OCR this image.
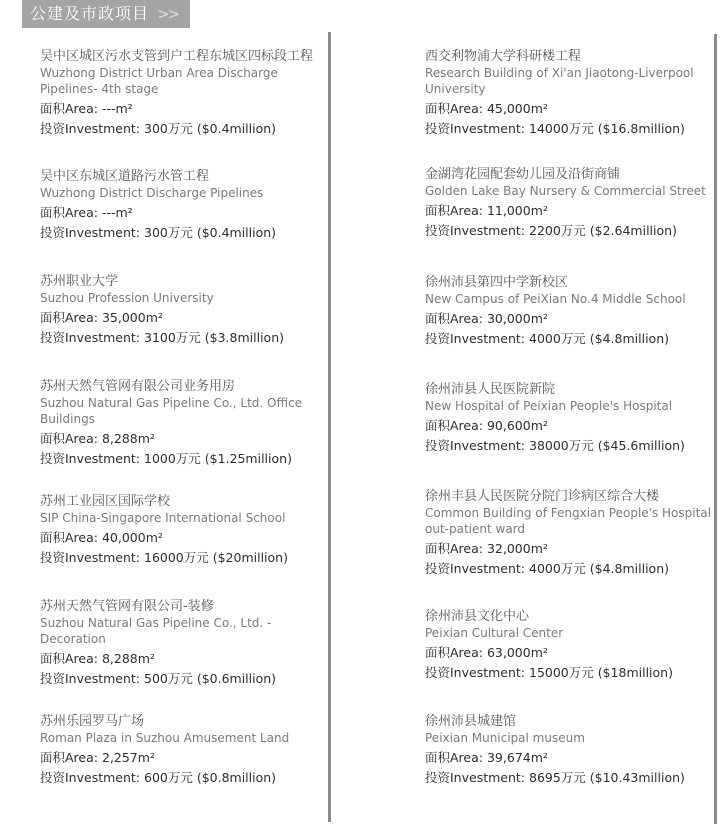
公建及市政项目 >>
吴中区城区污水支管到户工程东城区四标段工程
Wuzhong District Urban Area Discharge Pipelines- 4th stage
面积Area: ---m²
投资Investment: 300万元 ($0.4million)
吴中区东城区道路污水管工程
Wuzhong District Discharge Pipelines
面积Area: ---m²
投资Investment: 300万元 ($0.4million)
苏州职业大学
Suzhou Profession University
面积Area: 35,000m²
投资Investment: 3100万元 ($3.8million)
苏州天然气管网有限公司业务用房
Suzhou Natural Gas Pipeline Co., Ltd. Office Buildings
面积Area: 8,288m²
投资Investment: 1000万元 ($1.25million)
苏州工业园区国际学校
SIP China-Singapore International School
面积Area: 40,000m²
投资Investment: 16000万元 ($20million)
苏州天然气管网有限公司-装修
Suzhou Natural Gas Pipeline Co., Ltd. - Decoration
面积Area: 8,288m²
投资Investment: 500万元 ($0.6million)
苏州乐园罗马广场
Roman Plaza in Suzhou Amusement Land
面积Area: 2,257m²
投资Investment: 600万元 ($0.8million)
西交利物浦大学科研楼工程
Research Building of Xi'an Jiaotong-Liverpool University
面积Area: 45,000m²
投资Investment: 14000万元 ($16.8million)
金湖湾花园配套幼儿园及沿街商铺
Golden Lake Bay Nursery & Commercial Street
面积Area: 11,000m²
投资Investment: 2200万元 ($2.64million)
徐州沛县第四中学新校区
New Campus of PeiXian No.4 Middle School
面积Area: 30,000m²
投资Investment: 4000万元 ($4.8million)
徐州沛县人民医院新院
New Hospital of Peixian People's Hospital
面积Area: 90,600m²
投资Investment: 38000万元 ($45.6million)
徐州丰县人民医院分院门诊病区综合大楼
Common Building of Fengxian People's Hospital out-patient ward
面积Area: 32,000m²
投资Investment: 4000万元 ($4.8million)
徐州沛县文化中心
Peixian Cultural Center
面积Area: 63,000m²
投资Investment: 15000万元 ($18million)
徐州沛县城建馆
Peixian Municipal museum
面积Area: 39,674m²
投资Investment: 8695万元 ($10.43million)
